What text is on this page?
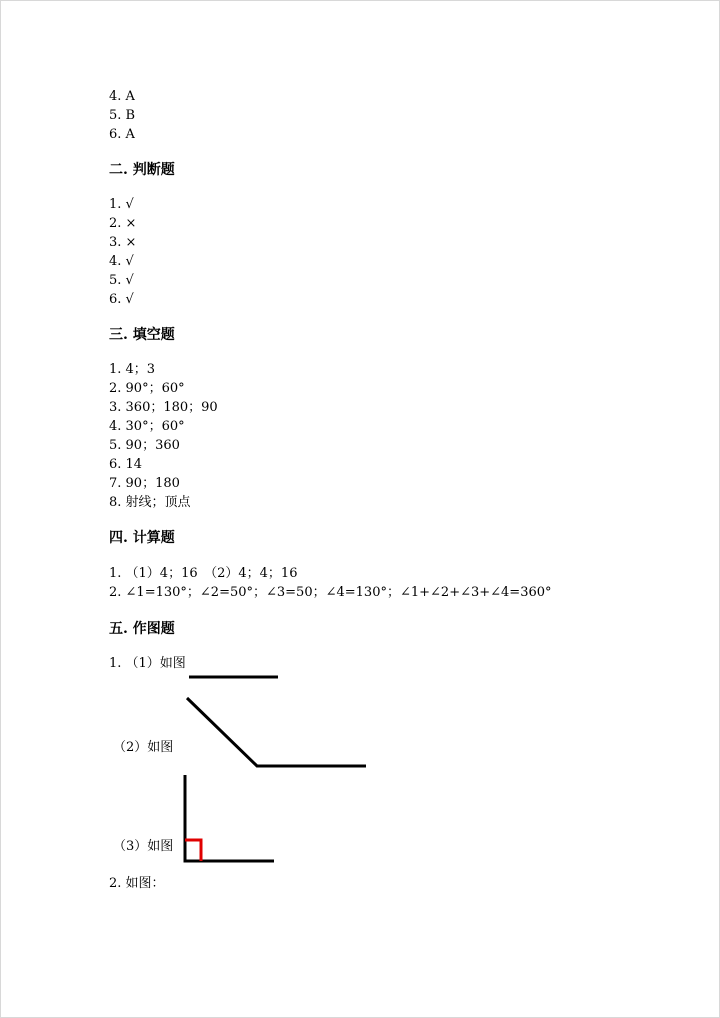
4. A
5. B
6. A
二. 判断题
1. √
2. ×
3. ×
4. √
5. √
6. √
三. 填空题
1. 4；3
2. 90°；60°
3. 360；180；90
4. 30°；60°
5. 90；360
6. 14
7. 90；180
8. 射线；顶点
四. 计算题
1. （1）4；16　（2）4；4；16
2. ∠1=130°；∠2=50°；∠3=50；∠4=130°；∠1+∠2+∠3+∠4=360°
五. 作图题
1. （1）如图
（2）如图
（3）如图
2. 如图：
